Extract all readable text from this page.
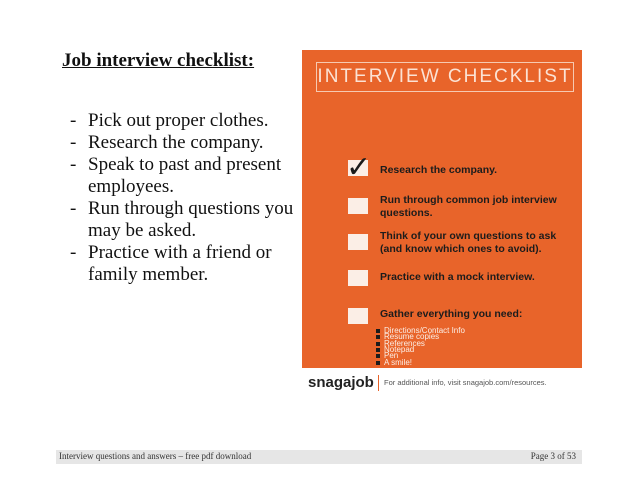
Job interview checklist:
- Pick out proper clothes.
- Research the company.
- Speak to past and present employees.
- Run through questions you may be asked.
- Practice with a friend or family member.
INTERVIEW CHECKLIST
✓ Research the company.
Run through common job interview questions.
Think of your own questions to ask (and know which ones to avoid).
Practice with a mock interview.
Gather everything you need:
snagajob For additional info, visit snagajob.com/resources.
Directions/Contact Info
Resume copies
References
Notepad
Pen
A smile!
Interview questions and answers – free pdf download	Page 3 of 53
